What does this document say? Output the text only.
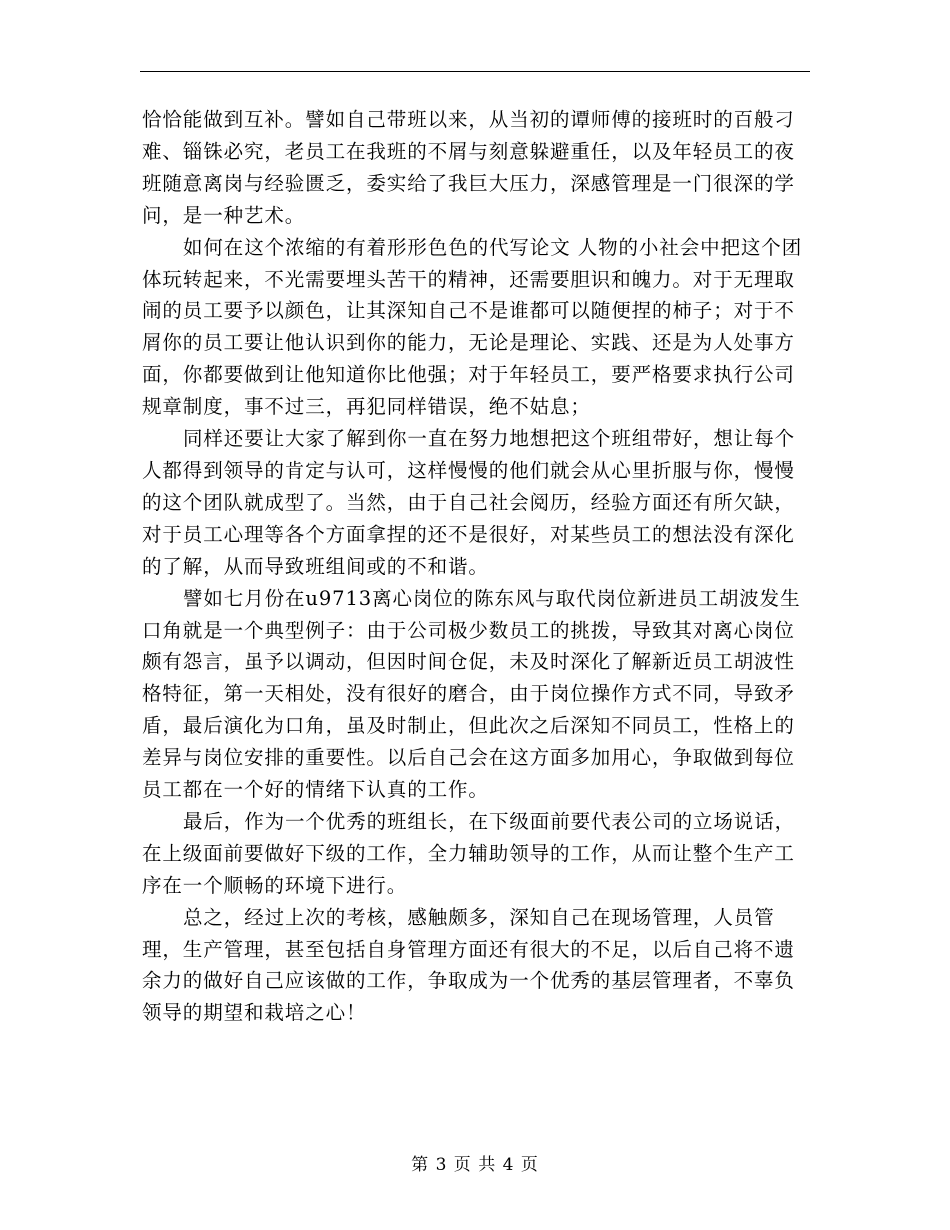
恰恰能做到互补。譬如自己带班以来，从当初的谭师傅的接班时的百般刁难、锱铢必究，老员工在我班的不屑与刻意躲避重任，以及年轻员工的夜班随意离岗与经验匮乏，委实给了我巨大压力，深感管理是一门很深的学问，是一种艺术。

如何在这个浓缩的有着形形色色的代写论文 人物的小社会中把这个团体玩转起来，不光需要埋头苦干的精神，还需要胆识和魄力。对于无理取闹的员工要予以颜色，让其深知自己不是谁都可以随便捏的柿子；对于不屑你的员工要让他认识到你的能力，无论是理论、实践、还是为人处事方面，你都要做到让他知道你比他强；对于年轻员工，要严格要求执行公司规章制度，事不过三，再犯同样错误，绝不姑息；

同样还要让大家了解到你一直在努力地想把这个班组带好，想让每个人都得到领导的肯定与认可，这样慢慢的他们就会从心里折服与你，慢慢的这个团队就成型了。当然，由于自己社会阅历，经验方面还有所欠缺，对于员工心理等各个方面拿捏的还不是很好，对某些员工的想法没有深化的了解，从而导致班组间或的不和谐。

譬如七月份在u9713离心岗位的陈东风与取代岗位新进员工胡波发生口角就是一个典型例子：由于公司极少数员工的挑拨，导致其对离心岗位颇有怨言，虽予以调动，但因时间仓促，未及时深化了解新近员工胡波性格特征，第一天相处，没有很好的磨合，由于岗位操作方式不同，导致矛盾，最后演化为口角，虽及时制止，但此次之后深知不同员工，性格上的差异与岗位安排的重要性。以后自己会在这方面多加用心，争取做到每位员工都在一个好的情绪下认真的工作。

最后，作为一个优秀的班组长，在下级面前要代表公司的立场说话，在上级面前要做好下级的工作，全力辅助领导的工作，从而让整个生产工序在一个顺畅的环境下进行。

总之，经过上次的考核，感触颇多，深知自己在现场管理，人员管理，生产管理，甚至包括自身管理方面还有很大的不足，以后自己将不遗余力的做好自己应该做的工作，争取成为一个优秀的基层管理者，不辜负领导的期望和栽培之心！

第 3 页 共 4 页
